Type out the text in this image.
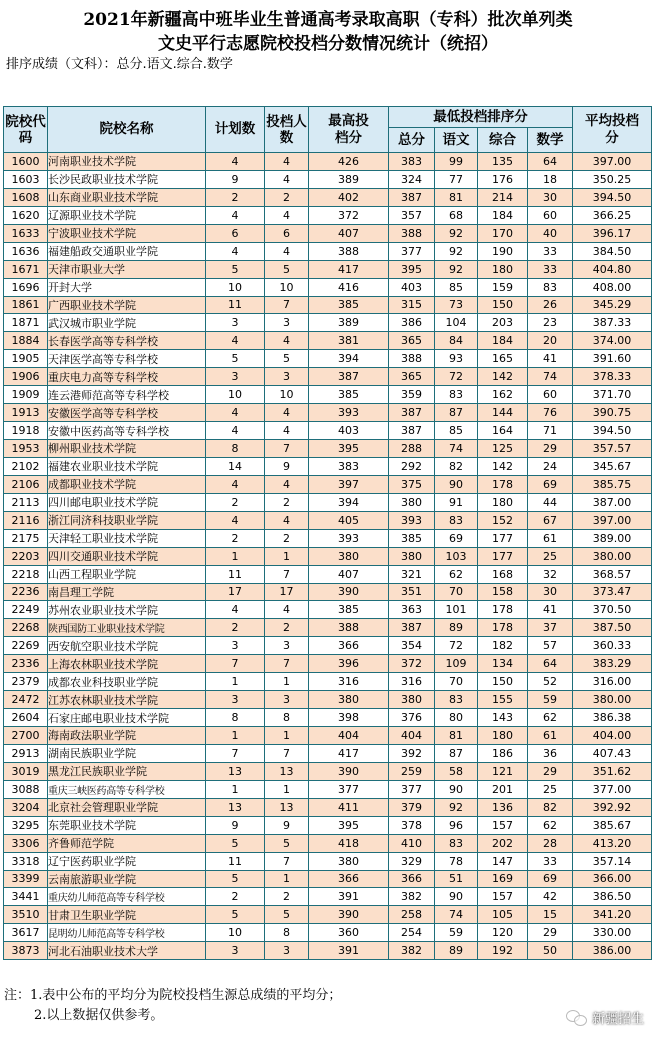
2021年新疆高中班毕业生普通高考录取高职（专科）批次单列类
文史平行志愿院校投档分数情况统计（统招）
排序成绩（文科）：总分.语文.综合.数学
院校代码	院校名称	计划数	投档人数	最高投档分	最低投档排序分				平均投档分
					总分	语文	综合	数学	
1600	河南职业技术学院	4	4	426	383	99	135	64	397.00
1603	长沙民政职业技术学院	9	4	389	324	77	176	18	350.25
1608	山东商业职业技术学院	2	2	402	387	81	214	30	394.50
1620	辽源职业技术学院	4	4	372	357	68	184	60	366.25
1633	宁波职业技术学院	6	6	407	388	92	170	40	396.17
1636	福建船政交通职业学院	4	4	388	377	92	190	33	384.50
1671	天津市职业大学	5	5	417	395	92	180	33	404.80
1696	开封大学	10	10	416	403	85	159	83	408.00
1861	广西职业技术学院	11	7	385	315	73	150	26	345.29
1871	武汉城市职业学院	3	3	389	386	104	203	23	387.33
1884	长春医学高等专科学校	4	4	381	365	84	184	20	374.00
1905	天津医学高等专科学校	5	5	394	388	93	165	41	391.60
1906	重庆电力高等专科学校	3	3	387	365	72	142	74	378.33
1909	连云港师范高等专科学校	10	10	385	359	83	162	60	371.70
1913	安徽医学高等专科学校	4	4	393	387	87	144	76	390.75
1918	安徽中医药高等专科学校	4	4	403	387	85	164	71	394.50
1953	柳州职业技术学院	8	7	395	288	74	125	29	357.57
2102	福建农业职业技术学院	14	9	383	292	82	142	24	345.67
2106	成都职业技术学院	4	4	397	375	90	178	69	385.75
2113	四川邮电职业技术学院	2	2	394	380	91	180	44	387.00
2116	浙江同济科技职业学院	4	4	405	393	83	152	67	397.00
2175	天津轻工职业技术学院	2	2	393	385	69	177	61	389.00
2203	四川交通职业技术学院	1	1	380	380	103	177	25	380.00
2218	山西工程职业学院	11	7	407	321	62	168	32	368.57
2236	南昌理工学院	17	17	390	351	70	158	30	373.47
2249	苏州农业职业技术学院	4	4	385	363	101	178	41	370.50
2268	陕西国防工业职业技术学院	2	2	388	387	89	178	37	387.50
2269	西安航空职业技术学院	3	3	366	354	72	182	57	360.33
2336	上海农林职业技术学院	7	7	396	372	109	134	64	383.29
2379	成都农业科技职业学院	1	1	316	316	70	150	52	316.00
2472	江苏农林职业技术学院	3	3	380	380	83	155	59	380.00
2604	石家庄邮电职业技术学院	8	8	398	376	80	143	62	386.38
2700	海南政法职业学院	1	1	404	404	81	180	61	404.00
2913	湖南民族职业学院	7	7	417	392	87	186	36	407.43
3019	黑龙江民族职业学院	13	13	390	259	58	121	29	351.62
3088	重庆三峡医药高等专科学校	1	1	377	377	90	201	25	377.00
3204	北京社会管理职业学院	13	13	411	379	92	136	82	392.92
3295	东莞职业技术学院	9	9	395	378	96	157	62	385.67
3306	齐鲁师范学院	5	5	418	410	83	202	28	413.20
3318	辽宁医药职业学院	11	7	380	329	78	147	33	357.14
3399	云南旅游职业学院	5	1	366	366	51	169	69	366.00
3441	重庆幼儿师范高等专科学校	2	2	391	382	90	157	42	386.50
3510	甘肃卫生职业学院	5	5	390	258	74	105	15	341.20
3617	昆明幼儿师范高等专科学校	10	8	360	254	59	120	29	330.00
3873	河北石油职业技术大学	3	3	391	382	89	192	50	386.00
注：1.表中公布的平均分为院校投档生源总成绩的平均分；

2.以上数据仅供参考。	新疆招生
